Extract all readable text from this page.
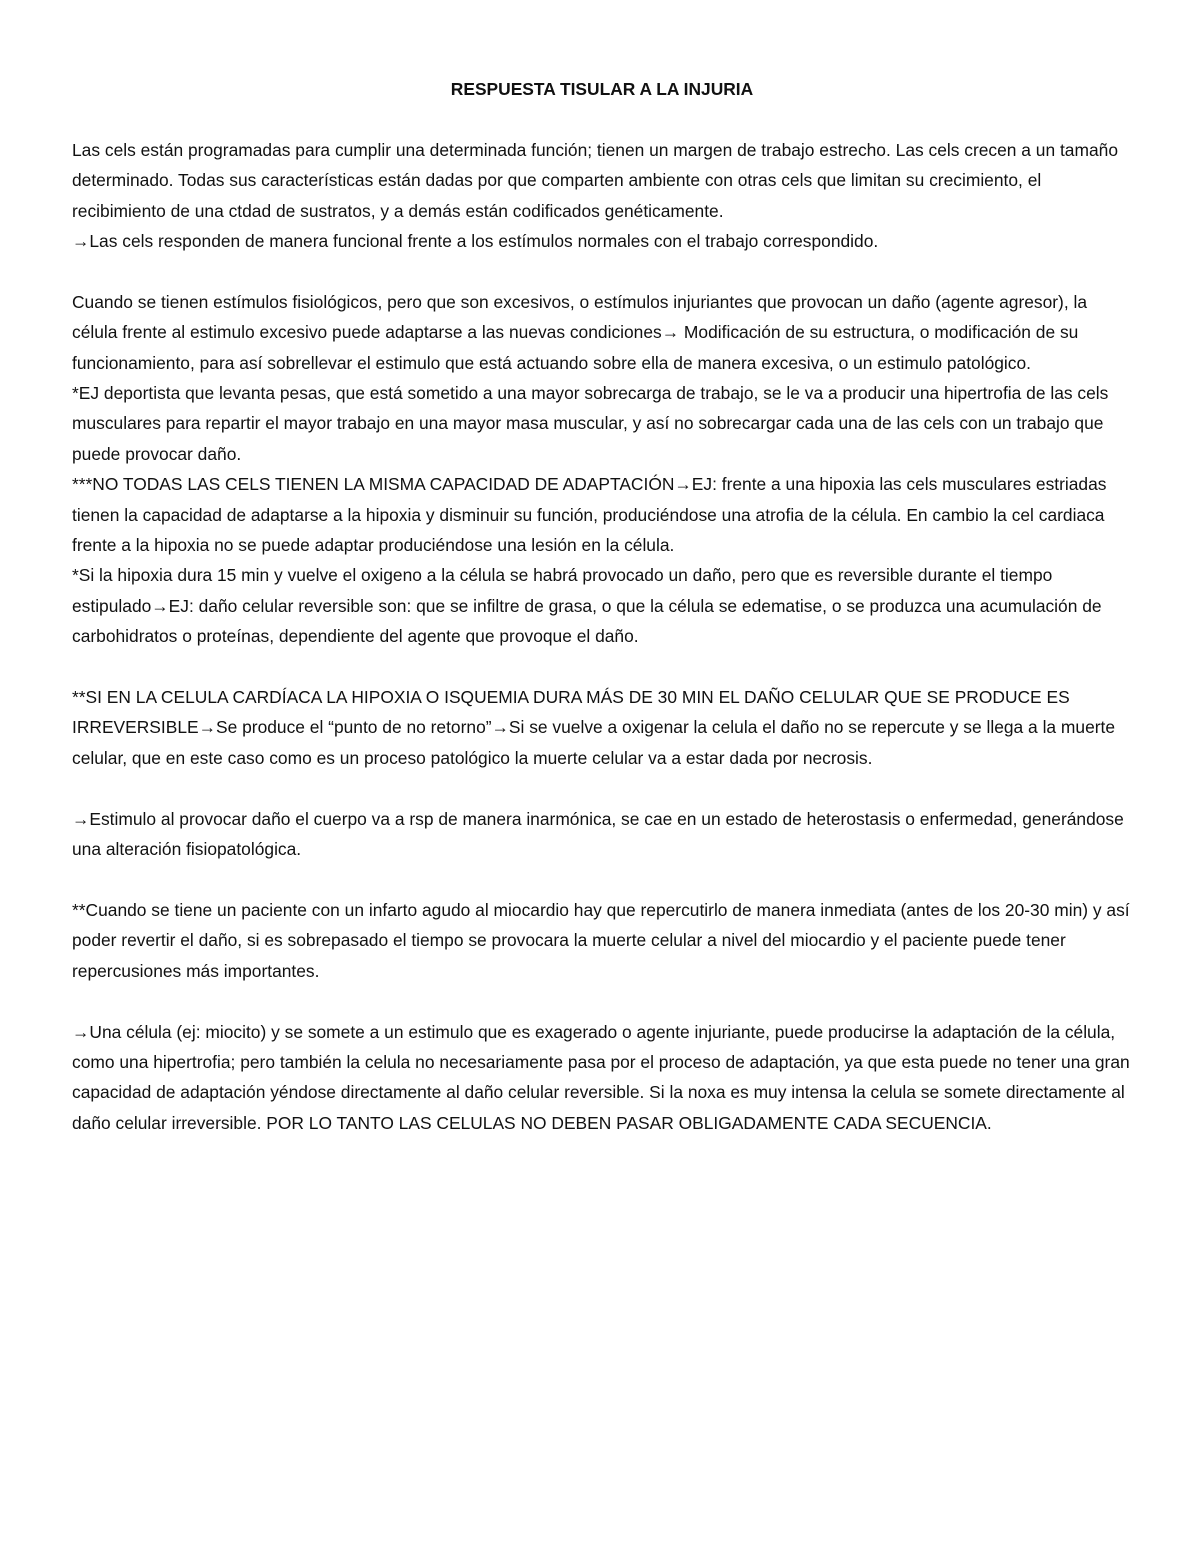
RESPUESTA TISULAR A LA INJURIA

Las cels están programadas para cumplir una determinada función; tienen un margen de trabajo estrecho. Las cels crecen a un tamaño determinado. Todas sus características están dadas por que comparten ambiente con otras cels que limitan su crecimiento, el recibimiento de una ctdad de sustratos, y a demás están codificados genéticamente.

→Las cels responden de manera funcional frente a los estímulos normales con el trabajo correspondido.

Cuando se tienen estímulos fisiológicos, pero que son excesivos, o estímulos injuriantes que provocan un daño (agente agresor), la célula frente al estimulo excesivo puede adaptarse a las nuevas condiciones→ Modificación de su estructura, o modificación de su funcionamiento, para así sobrellevar el estimulo que está actuando sobre ella de manera excesiva, o un estimulo patológico.

*EJ deportista que levanta pesas, que está sometido a una mayor sobrecarga de trabajo, se le va a producir una hipertrofia de las cels musculares para repartir el mayor trabajo en una mayor masa muscular, y así no sobrecargar cada una de las cels con un trabajo que puede provocar daño.

***NO TODAS LAS CELS TIENEN LA MISMA CAPACIDAD DE ADAPTACIÓN→EJ: frente a una hipoxia las cels musculares estriadas tienen la capacidad de adaptarse a la hipoxia y disminuir su función, produciéndose una atrofia de la célula. En cambio la cel cardiaca frente a la hipoxia no se puede adaptar produciéndose una lesión en la célula.

*Si la hipoxia dura 15 min y vuelve el oxigeno a la célula se habrá provocado un daño, pero que es reversible durante el tiempo estipulado→EJ: daño celular reversible son: que se infiltre de grasa, o que la célula se edematise, o se produzca una acumulación de carbohidratos o proteínas, dependiente del agente que provoque el daño.

**SI EN LA CELULA CARDÍACA LA HIPOXIA O ISQUEMIA DURA MÁS DE 30 MIN EL DAÑO CELULAR QUE SE PRODUCE ES IRREVERSIBLE→Se produce el “punto de no retorno”→Si se vuelve a oxigenar la celula el daño no se repercute y se llega a la muerte celular, que en este caso como es un proceso patológico la muerte celular va a estar dada por necrosis.

→Estimulo al provocar daño el cuerpo va a rsp de manera inarmónica, se cae en un estado de heterostasis o enfermedad, generándose una alteración fisiopatológica.

**Cuando se tiene un paciente con un infarto agudo al miocardio hay que repercutirlo de manera inmediata (antes de los 20-30 min) y así poder revertir el daño, si es sobrepasado el tiempo se provocara la muerte celular a nivel del miocardio y el paciente puede tener repercusiones más importantes.

→Una célula (ej: miocito) y se somete a un estimulo que es exagerado o agente injuriante, puede producirse la adaptación de la célula, como una hipertrofia; pero también la celula no necesariamente pasa por el proceso de adaptación, ya que esta puede no tener una gran capacidad de adaptación yéndose directamente al daño celular reversible. Si la noxa es muy intensa la celula se somete directamente al daño celular irreversible. POR LO TANTO LAS CELULAS NO DEBEN PASAR OBLIGADAMENTE CADA SECUENCIA.
